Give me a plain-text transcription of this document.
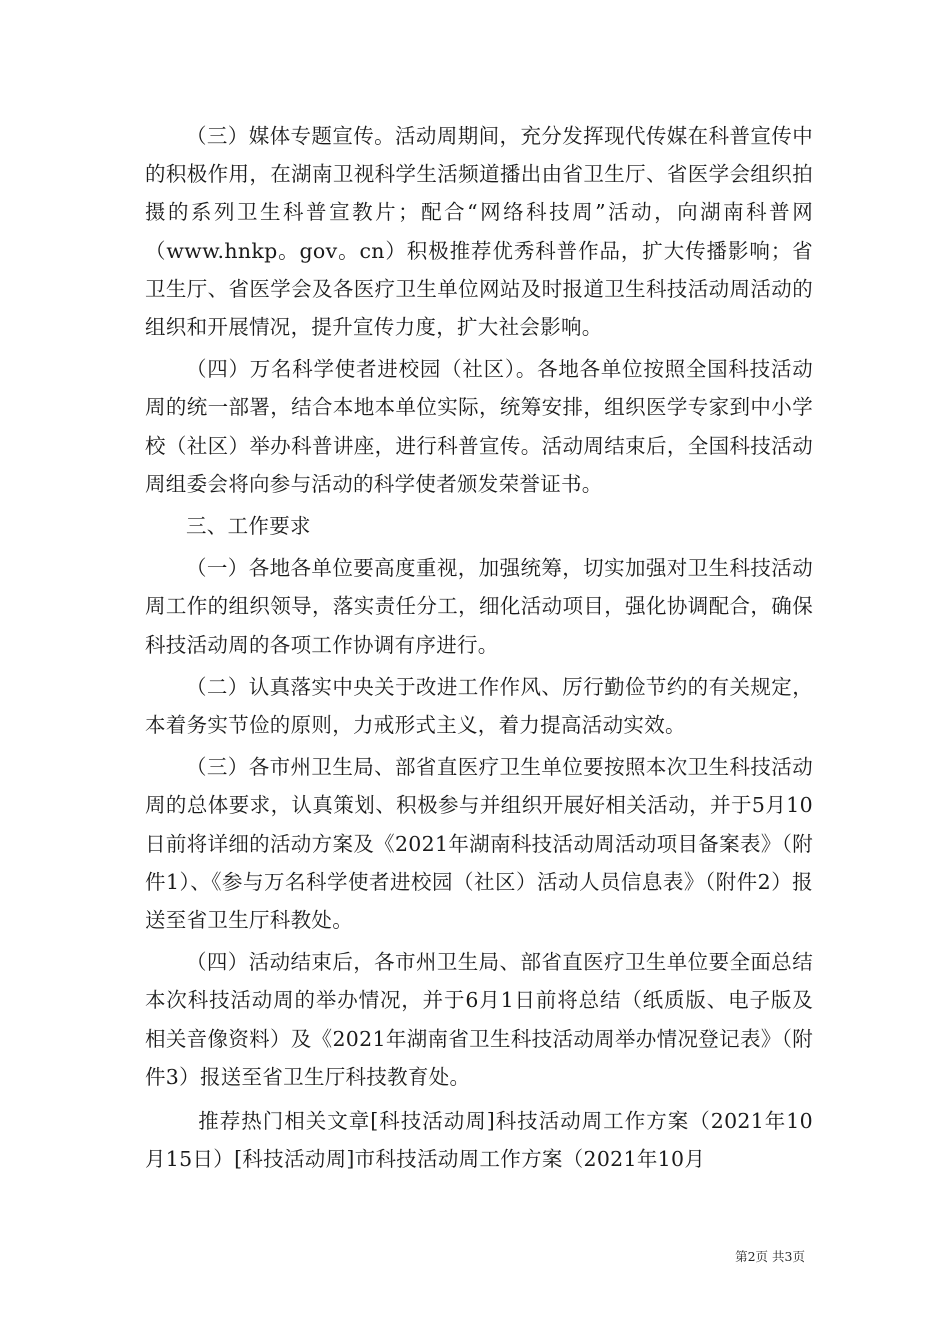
（三）媒体专题宣传。活动周期间，充分发挥现代传媒在科普宣传中的积极作用，在湖南卫视科学生活频道播出由省卫生厅、省医学会组织拍摄的系列卫生科普宣教片；配合“网络科技周”活动，向湖南科普网（www.hnkp。gov。cn）积极推荐优秀科普作品，扩大传播影响；省卫生厅、省医学会及各医疗卫生单位网站及时报道卫生科技活动周活动的组织和开展情况，提升宣传力度，扩大社会影响。

（四）万名科学使者进校园（社区）。各地各单位按照全国科技活动周的统一部署，结合本地本单位实际，统筹安排，组织医学专家到中小学校（社区）举办科普讲座，进行科普宣传。活动周结束后，全国科技活动周组委会将向参与活动的科学使者颁发荣誉证书。

三、工作要求

（一）各地各单位要高度重视，加强统筹，切实加强对卫生科技活动周工作的组织领导，落实责任分工，细化活动项目，强化协调配合，确保科技活动周的各项工作协调有序进行。

（二）认真落实中央关于改进工作作风、厉行勤俭节约的有关规定，本着务实节俭的原则，力戒形式主义，着力提高活动实效。

（三）各市州卫生局、部省直医疗卫生单位要按照本次卫生科技活动周的总体要求，认真策划、积极参与并组织开展好相关活动，并于5月10日前将详细的活动方案及《2021年湖南科技活动周活动项目备案表》（附件1）、《参与万名科学使者进校园（社区）活动人员信息表》（附件2）报送至省卫生厅科教处。

（四）活动结束后，各市州卫生局、部省直医疗卫生单位要全面总结本次科技活动周的举办情况，并于6月1日前将总结（纸质版、电子版及相关音像资料）及《2021年湖南省卫生科技活动周举办情况登记表》（附件3）报送至省卫生厅科技教育处。

推荐热门相关文章[科技活动周]科技活动周工作方案（2021年10月15日）[科技活动周]市科技活动周工作方案（2021年10月

第2页 共3页
